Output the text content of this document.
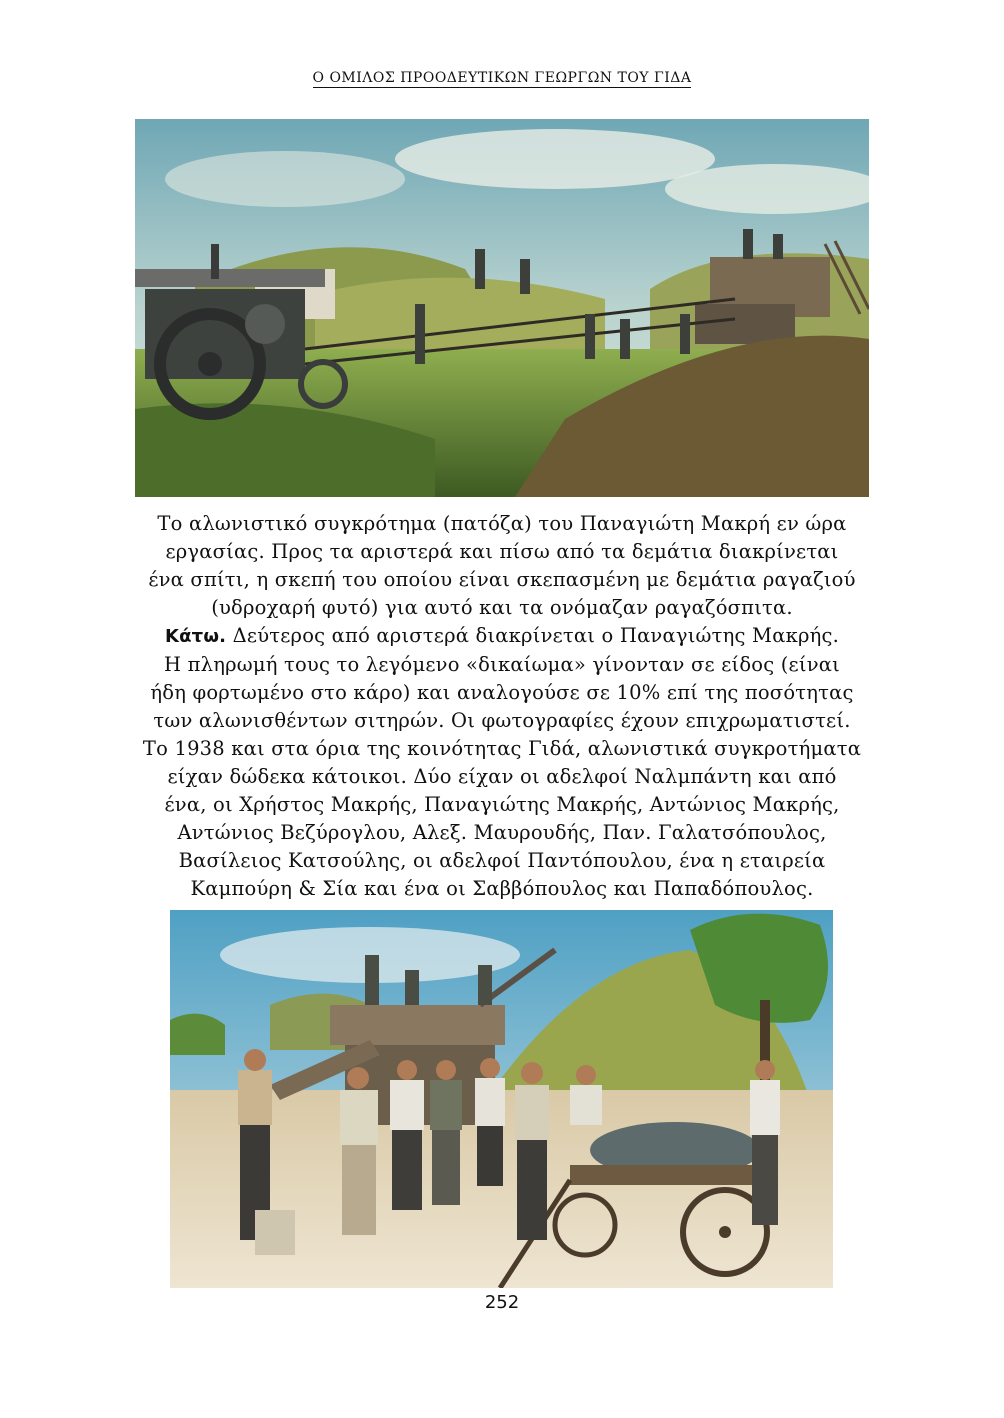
Ο ΟΜΙΛΟΣ ΠΡΟΟΔΕΥΤΙΚΩΝ ΓΕΩΡΓΩΝ ΤΟΥ ΓΙΔΑ

Το αλωνιστικό συγκρότημα (πατόζα) του Παναγιώτη Μακρή εν ώρα

εργασίας. Προς τα αριστερά και πίσω από τα δεμάτια διακρίνεται

ένα σπίτι, η σκεπή του οποίου είναι σκεπασμένη με δεμάτια ραγαζιού

(υδροχαρή φυτό) για αυτό και τα ονόμαζαν ραγαζόσπιτα.

Κάτω. Δεύτερος από αριστερά διακρίνεται ο Παναγιώτης Μακρής.

Η πληρωμή τους το λεγόμενο «δικαίωμα» γίνονταν σε είδος (είναι

ήδη φορτωμένο στο κάρο) και αναλογούσε σε 10% επί της ποσότητας

των αλωνισθέντων σιτηρών. Οι φωτογραφίες έχουν επιχρωματιστεί.

Το 1938 και στα όρια της κοινότητας Γιδά, αλωνιστικά συγκροτήματα

είχαν δώδεκα κάτοικοι. Δύο είχαν οι αδελφοί Ναλμπάντη και από

ένα, οι Χρήστος Μακρής, Παναγιώτης Μακρής, Αντώνιος Μακρής,

Αντώνιος Βεζύρογλου, Αλεξ. Μαυρουδής, Παν. Γαλατσόπουλος,

Βασίλειος Κατσούλης, οι αδελφοί Παντόπουλου, ένα η εταιρεία

Καμπούρη & Σία και ένα οι Σαββόπουλος και Παπαδόπουλος.

252
